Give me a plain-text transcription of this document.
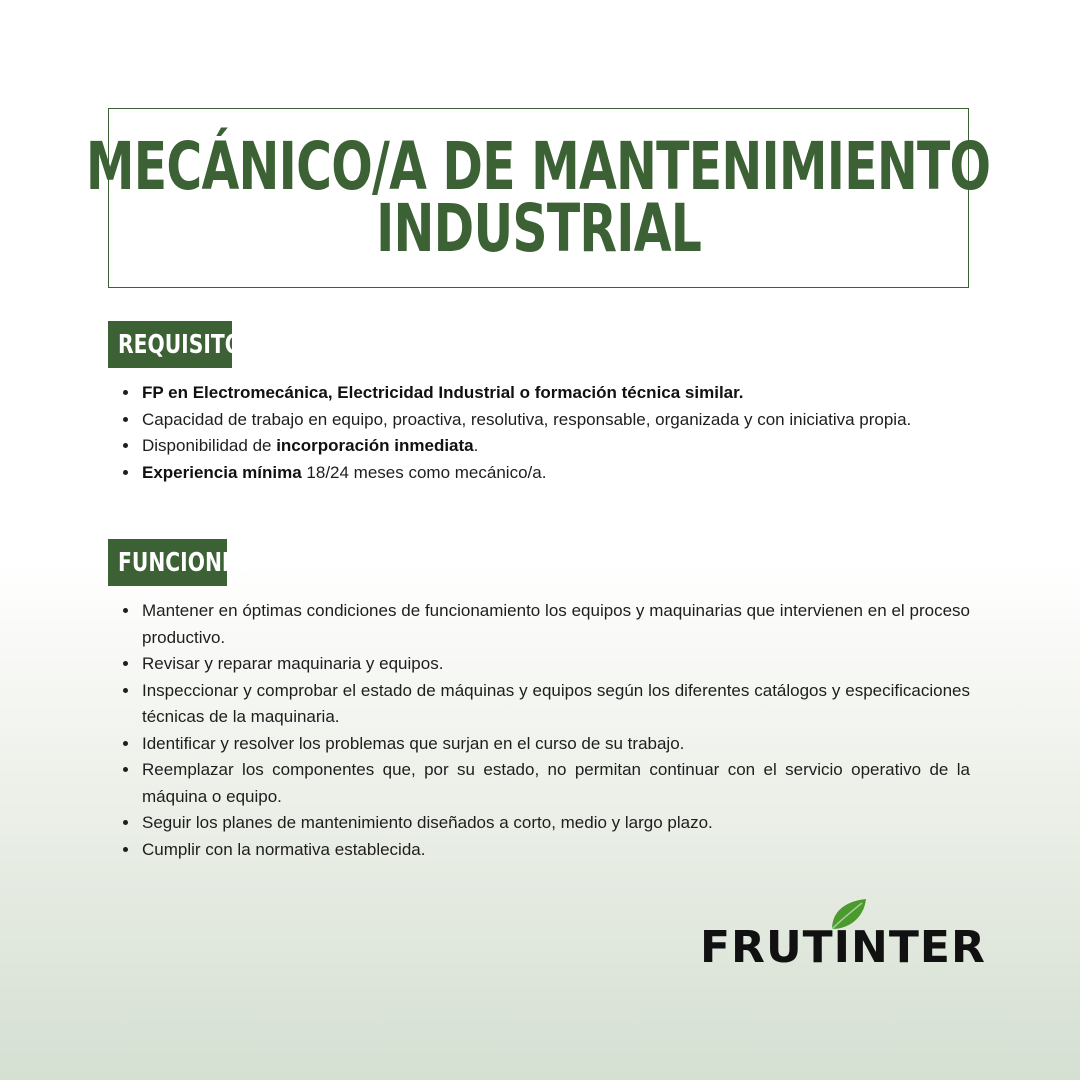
MECÁNICO/A DE MANTENIMIENTO
INDUSTRIAL
REQUISITOS
• FP en Electromecánica, Electricidad Industrial o formación técnica similar.
• Capacidad de trabajo en equipo, proactiva, resolutiva, responsable, organizada y con iniciativa propia.
• Disponibilidad de incorporación inmediata.
• Experiencia mínima 18/24 meses como mecánico/a.
FUNCIONES
• Mantener en óptimas condiciones de funcionamiento los equipos y maquinarias que intervienen en el proceso productivo.
• Revisar y reparar maquinaria y equipos.
• Inspeccionar y comprobar el estado de máquinas y equipos según los diferentes catálogos y especificaciones técnicas de la maquinaria.
• Identificar y resolver los problemas que surjan en el curso de su trabajo.
• Reemplazar los componentes que, por su estado, no permitan continuar con el servicio operativo de la máquina o equipo.
• Seguir los planes de mantenimiento diseñados a corto, medio y largo plazo.
• Cumplir con la normativa establecida.
FRUTINTER
